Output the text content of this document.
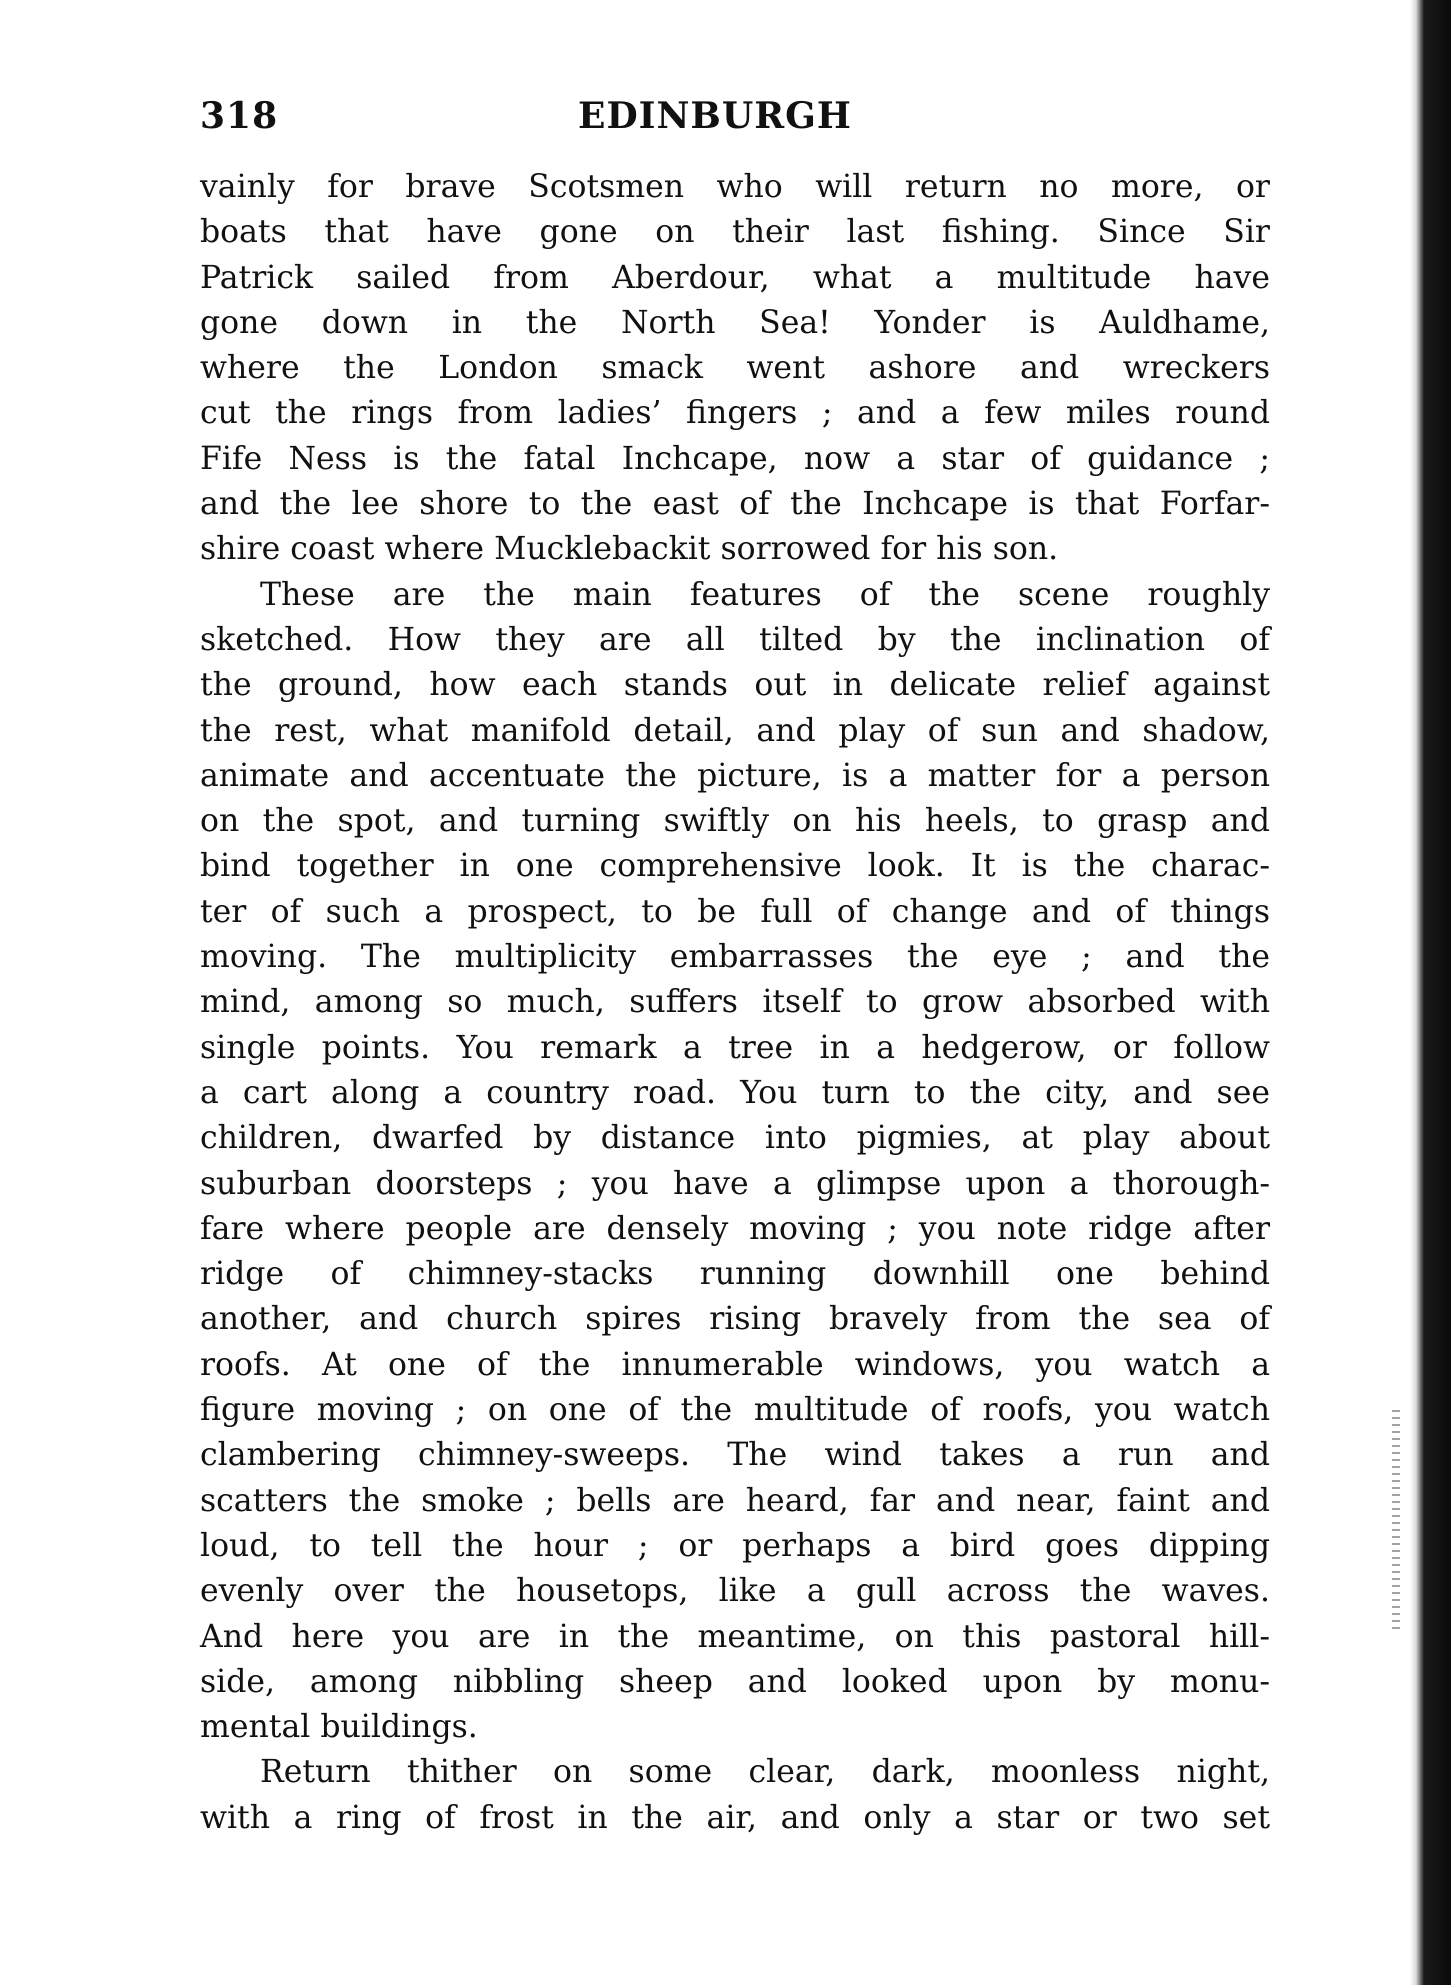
318	EDINBURGH
vainly for brave Scotsmen who will return no more, or
boats that have gone on their last fishing. Since Sir
Patrick sailed from Aberdour, what a multitude have
gone down in the North Sea! Yonder is Auldhame,
where the London smack went ashore and wreckers
cut the rings from ladies’ fingers ; and a few miles round
Fife Ness is the fatal Inchcape, now a star of guidance ;
and the lee shore to the east of the Inchcape is that Forfar-
shire coast where Mucklebackit sorrowed for his son.
These are the main features of the scene roughly
sketched. How they are all tilted by the inclination of
the ground, how each stands out in delicate relief against
the rest, what manifold detail, and play of sun and shadow,
animate and accentuate the picture, is a matter for a person
on the spot, and turning swiftly on his heels, to grasp and
bind together in one comprehensive look. It is the charac-
ter of such a prospect, to be full of change and of things
moving. The multiplicity embarrasses the eye ; and the
mind, among so much, suffers itself to grow absorbed with
single points. You remark a tree in a hedgerow, or follow
a cart along a country road. You turn to the city, and see
children, dwarfed by distance into pigmies, at play about
suburban doorsteps ; you have a glimpse upon a thorough-
fare where people are densely moving ; you note ridge after
ridge of chimney-stacks running downhill one behind
another, and church spires rising bravely from the sea of
roofs. At one of the innumerable windows, you watch a
figure moving ; on one of the multitude of roofs, you watch
clambering chimney-sweeps. The wind takes a run and
scatters the smoke ; bells are heard, far and near, faint and
loud, to tell the hour ; or perhaps a bird goes dipping
evenly over the housetops, like a gull across the waves.
And here you are in the meantime, on this pastoral hill-
side, among nibbling sheep and looked upon by monu-
mental buildings.
Return thither on some clear, dark, moonless night,
with a ring of frost in the air, and only a star or two set
